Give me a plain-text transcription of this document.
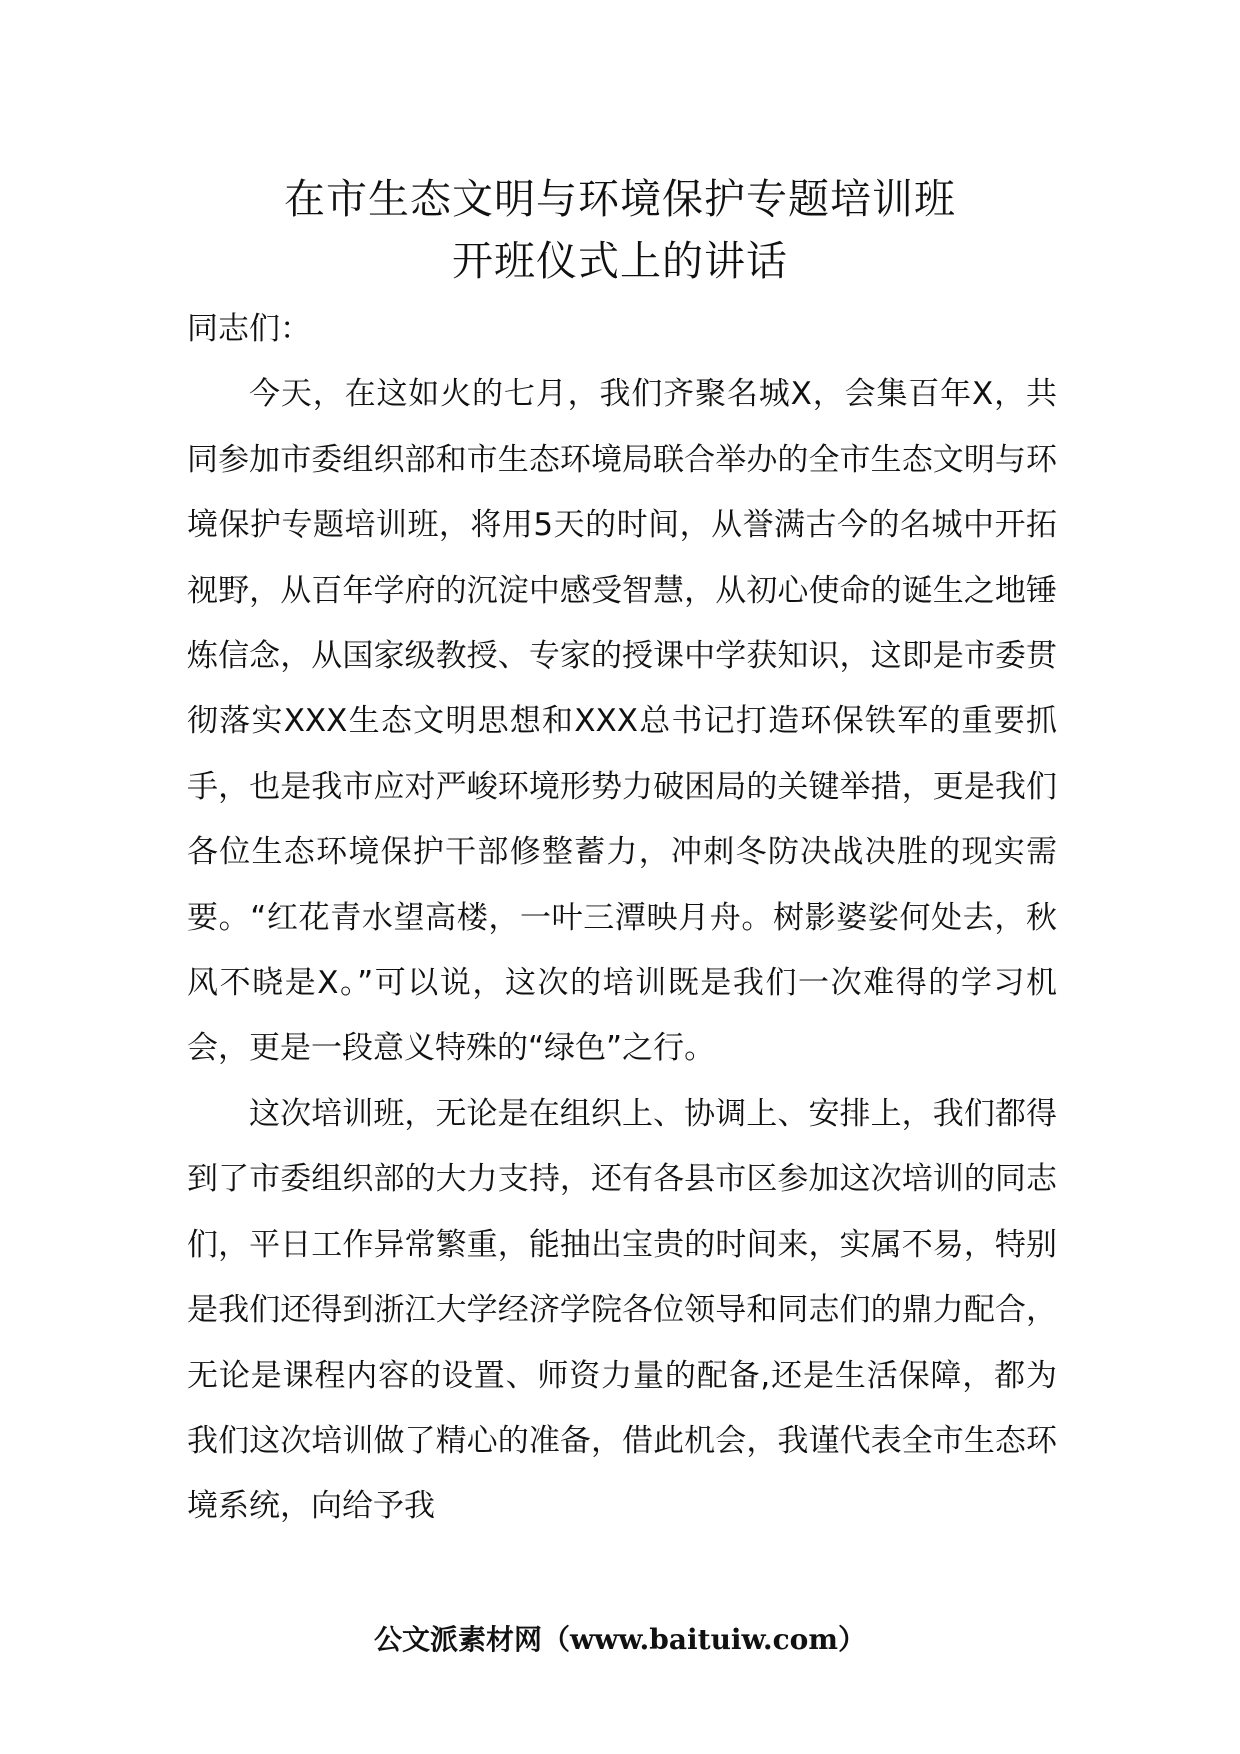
在市生态文明与环境保护专题培训班
开班仪式上的讲话

同志们：

今天，在这如火的七月，我们齐聚名城X，会集百年X，共同参加市委组织部和市生态环境局联合举办的全市生态文明与环境保护专题培训班，将用5天的时间，从誉满古今的名城中开拓视野，从百年学府的沉淀中感受智慧，从初心使命的诞生之地锤炼信念，从国家级教授、专家的授课中学获知识，这即是市委贯彻落实XXX生态文明思想和XXX总书记打造环保铁军的重要抓手，也是我市应对严峻环境形势力破困局的关键举措，更是我们各位生态环境保护干部修整蓄力，冲刺冬防决战决胜的现实需要。“红花青水望高楼，一叶三潭映月舟。树影婆娑何处去，秋风不晓是X。”可以说，这次的培训既是我们一次难得的学习机会，更是一段意义特殊的“绿色”之行。

这次培训班，无论是在组织上、协调上、安排上，我们都得到了市委组织部的大力支持，还有各县市区参加这次培训的同志们，平日工作异常繁重，能抽出宝贵的时间来，实属不易，特别是我们还得到浙江大学经济学院各位领导和同志们的鼎力配合，无论是课程内容的设置、师资力量的配备,还是生活保障，都为我们这次培训做了精心的准备，借此机会，我谨代表全市生态环境系统，向给予我

公文派素材网（www.baituiw.com）
